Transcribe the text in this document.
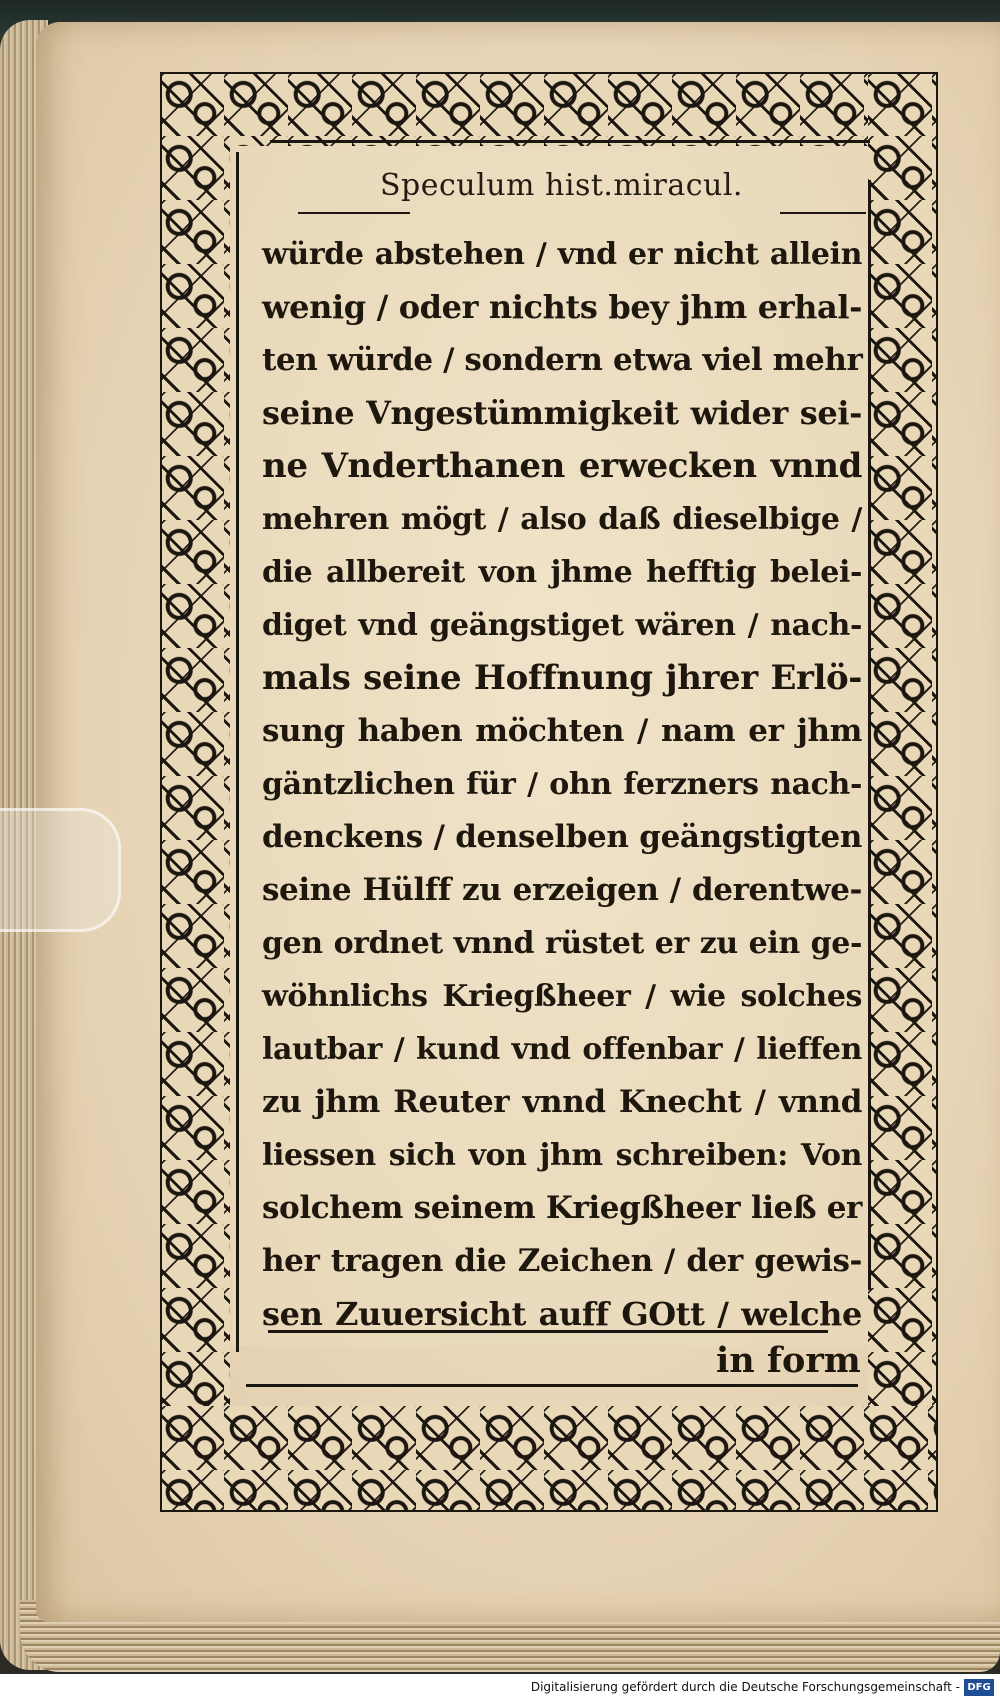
Speculum hist.miracul.
würde abstehen / vnd er nicht allein
wenig / oder nichts bey jhm erhal-
ten würde / sondern etwa viel mehr
seine Vngestümmigkeit wider sei-
ne Vnderthanen erwecken vnnd
mehren mögt / also daß dieselbige /
die allbereit von jhme hefftig belei-
diget vnd geängstiget wären / nach-
mals seine Hoffnung jhrer Erlö-
sung haben möchten / nam er jhm
gäntzlichen für / ohn ferzners nach-
denckens / denselben geängstigten
seine Hülff zu erzeigen / derentwe-
gen ordnet vnnd rüstet er zu ein ge-
wöhnlichs Kriegßheer / wie solches
lautbar / kund vnd offenbar / lieffen
zu jhm Reuter vnnd Knecht / vnnd
liessen sich von jhm schreiben: Von
solchem seinem Kriegßheer ließ er
her tragen die Zeichen / der gewis-
sen Zuuersicht auff GOtt / welche
in form
Digitalisierung gefördert durch die Deutsche Forschungsgemeinschaft - DFG
